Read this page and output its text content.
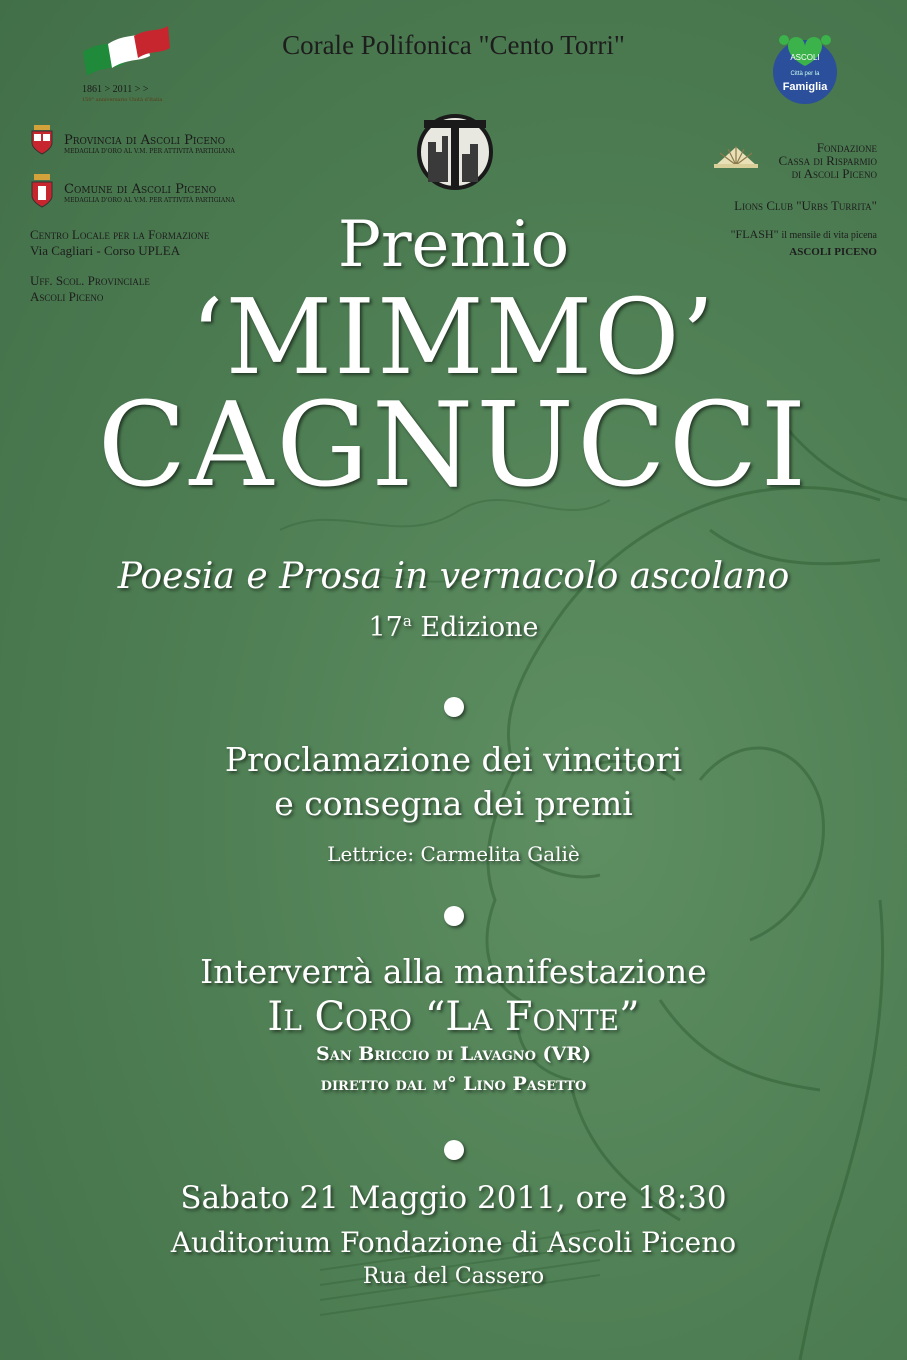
Corale Polifonica "Cento Torri"
1861 > 2011 > >
150° anniversario Unità d'Italia
ASCOLI
Città per la
Famiglia
Provincia di Ascoli Piceno
MEDAGLIA D'ORO AL V.M. PER ATTIVITÀ PARTIGIANA
Comune di Ascoli Piceno
MEDAGLIA D'ORO AL V.M. PER ATTIVITÀ PARTIGIANA
Centro Locale per la Formazione
Via Cagliari - Corso UPLEA
Uff. Scol. Provinciale
Ascoli Piceno
Fondazione
Cassa di Risparmio
di Ascoli Piceno
Lions Club "Urbs Turrita"
"FLASH" il mensile di vita picena
ASCOLI PICENO
Premio
‘MIMMO’
CAGNUCCI
Poesia e Prosa in vernacolo ascolano
17$^a$ Edizione
Proclamazione dei vincitori
e consegna dei premi
Lettrice: Carmelita Galiè
Interverrà alla manifestazione
Il Coro “La Fonte”
San Briccio di Lavagno (VR)
diretto dal m° Lino Pasetto
Sabato 21 Maggio 2011, ore 18:30
Auditorium Fondazione di Ascoli Piceno
Rua del Cassero
